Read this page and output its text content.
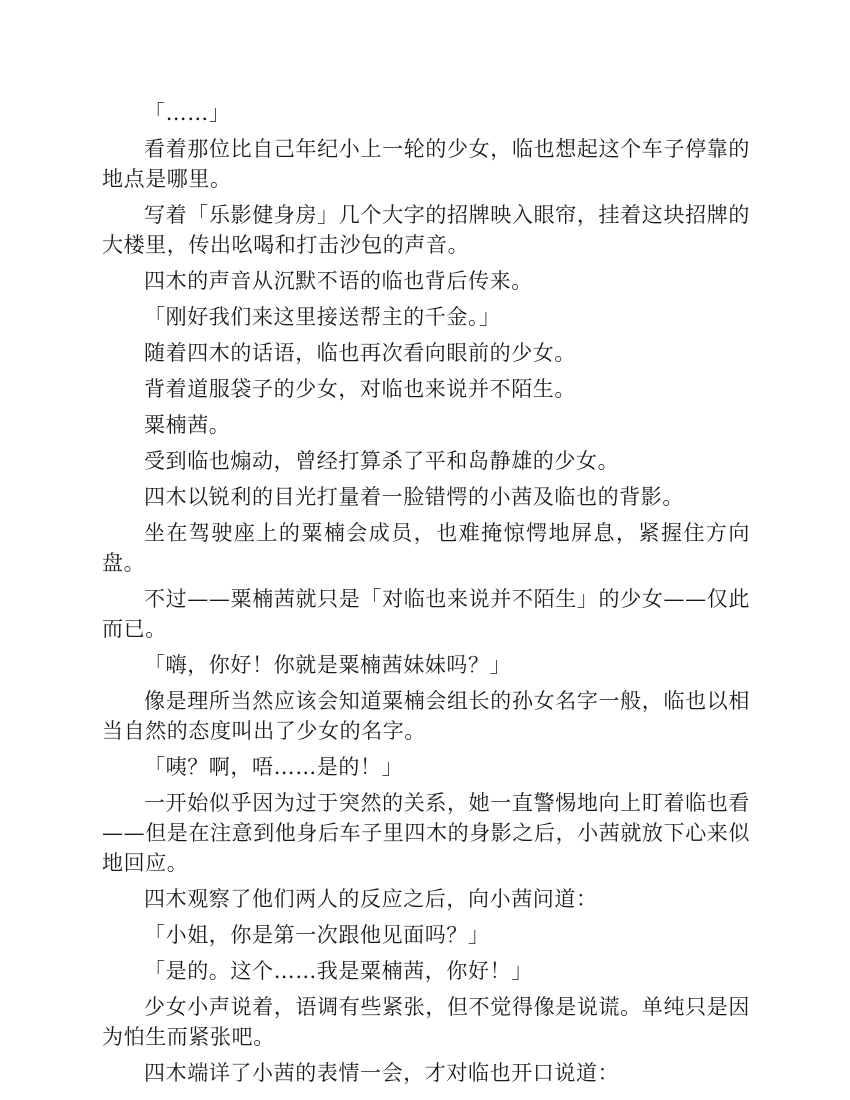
「……」

看着那位比自己年纪小上一轮的少女，临也想起这个车子停靠的地点是哪里。

写着「乐影健身房」几个大字的招牌映入眼帘，挂着这块招牌的大楼里，传出吆喝和打击沙包的声音。

四木的声音从沉默不语的临也背后传来。

「刚好我们来这里接送帮主的千金。」

随着四木的话语，临也再次看向眼前的少女。

背着道服袋子的少女，对临也来说并不陌生。

粟楠茜。

受到临也煽动，曾经打算杀了平和岛静雄的少女。

四木以锐利的目光打量着一脸错愕的小茜及临也的背影。

坐在驾驶座上的粟楠会成员，也难掩惊愕地屏息，紧握住方向盘。

不过——粟楠茜就只是「对临也来说并不陌生」的少女——仅此而已。

「嗨，你好！你就是粟楠茜妹妹吗？」

像是理所当然应该会知道粟楠会组长的孙女名字一般，临也以相当自然的态度叫出了少女的名字。

「咦？啊，唔……是的！」

一开始似乎因为过于突然的关系，她一直警惕地向上盯着临也看——但是在注意到他身后车子里四木的身影之后，小茜就放下心来似地回应。

四木观察了他们两人的反应之后，向小茜问道：

「小姐，你是第一次跟他见面吗？」

「是的。这个……我是粟楠茜，你好！」

少女小声说着，语调有些紧张，但不觉得像是说谎。单纯只是因为怕生而紧张吧。

四木端详了小茜的表情一会，才对临也开口说道：
